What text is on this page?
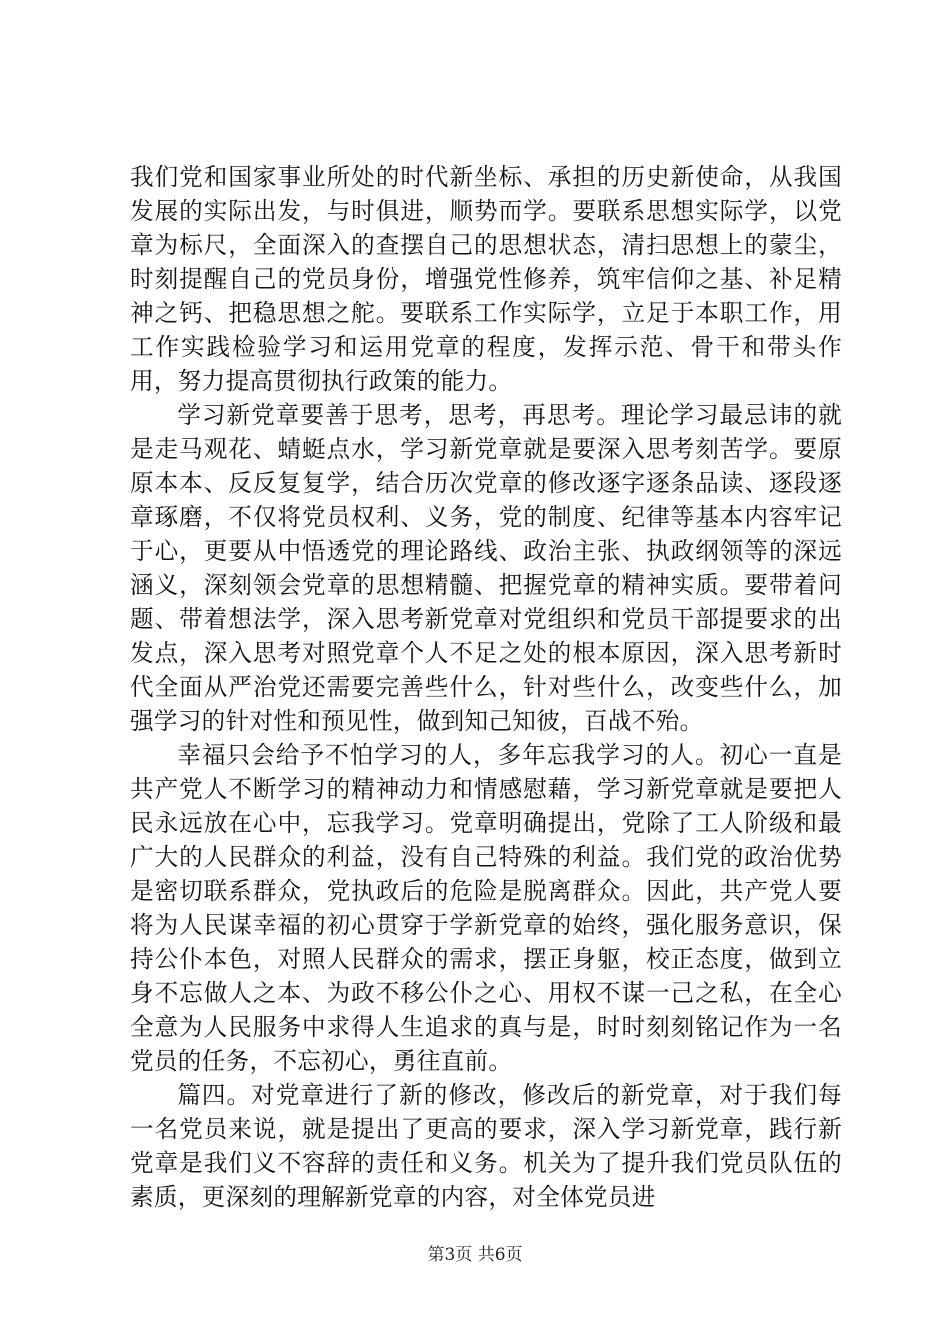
我们党和国家事业所处的时代新坐标、承担的历史新使命，从我国发展的实际出发，与时俱进，顺势而学。要联系思想实际学，以党章为标尺，全面深入的查摆自己的思想状态，清扫思想上的蒙尘，时刻提醒自己的党员身份，增强党性修养，筑牢信仰之基、补足精神之钙、把稳思想之舵。要联系工作实际学，立足于本职工作，用工作实践检验学习和运用党章的程度，发挥示范、骨干和带头作用，努力提高贯彻执行政策的能力。

学习新党章要善于思考，思考，再思考。理论学习最忌讳的就是走马观花、蜻蜓点水，学习新党章就是要深入思考刻苦学。要原原本本、反反复复学，结合历次党章的修改逐字逐条品读、逐段逐章琢磨，不仅将党员权利、义务，党的制度、纪律等基本内容牢记于心，更要从中悟透党的理论路线、政治主张、执政纲领等的深远涵义，深刻领会党章的思想精髓、把握党章的精神实质。要带着问题、带着想法学，深入思考新党章对党组织和党员干部提要求的出发点，深入思考对照党章个人不足之处的根本原因，深入思考新时代全面从严治党还需要完善些什么，针对些什么，改变些什么，加强学习的针对性和预见性，做到知己知彼，百战不殆。

幸福只会给予不怕学习的人，多年忘我学习的人。初心一直是共产党人不断学习的精神动力和情感慰藉，学习新党章就是要把人民永远放在心中，忘我学习。党章明确提出，党除了工人阶级和最广大的人民群众的利益，没有自己特殊的利益。我们党的政治优势是密切联系群众，党执政后的危险是脱离群众。因此，共产党人要将为人民谋幸福的初心贯穿于学新党章的始终，强化服务意识，保持公仆本色，对照人民群众的需求，摆正身躯，校正态度，做到立身不忘做人之本、为政不移公仆之心、用权不谋一己之私，在全心全意为人民服务中求得人生追求的真与是，时时刻刻铭记作为一名党员的任务，不忘初心，勇往直前。

篇四。对党章进行了新的修改，修改后的新党章，对于我们每一名党员来说，就是提出了更高的要求，深入学习新党章，践行新党章是我们义不容辞的责任和义务。机关为了提升我们党员队伍的素质，更深刻的理解新党章的内容，对全体党员进

第3页 共6页
